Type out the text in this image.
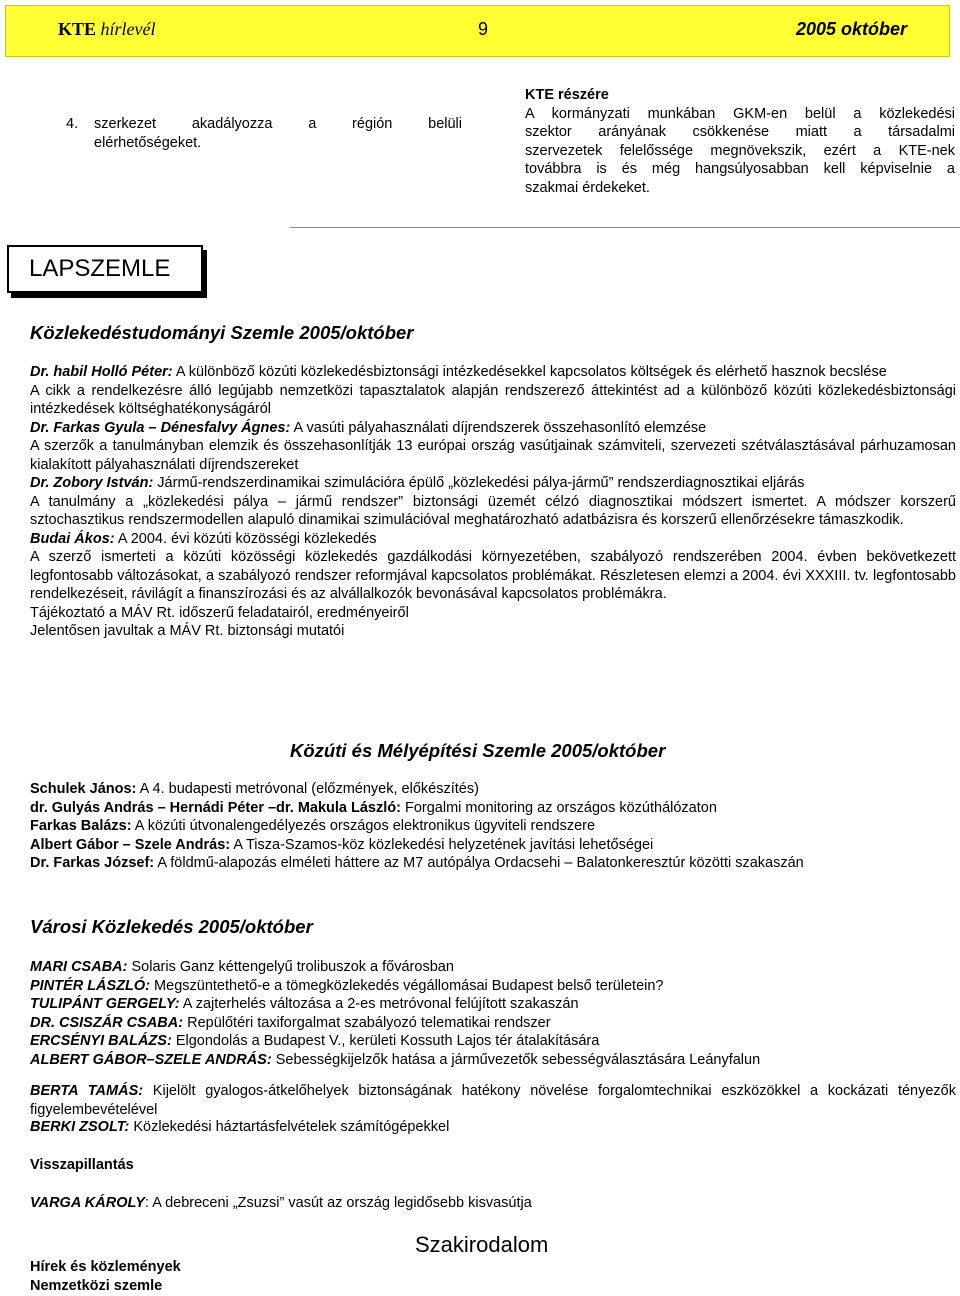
KTE hírlevél	9	2005 október
4.	szerkezet akadályozza a régión belüli
elérhetőségeket.
KTE részére
A kormányzati munkában GKM-en belül a közlekedési
szektor arányának csökkenése miatt a társadalmi
szervezetek felelőssége megnövekszik, ezért a KTE-nek
továbbra is és még hangsúlyosabban kell képviselnie a
szakmai érdekeket.
LAPSZEMLE
Közlekedéstudományi Szemle 2005/október
Dr. habil Holló Péter: A különböző közúti közlekedésbiztonsági intézkedésekkel kapcsolatos költségek és elérhető hasznok becslése
A cikk a rendelkezésre álló legújabb nemzetközi tapasztalatok alapján rendszerező áttekintést ad a különböző közúti közlekedésbiztonsági intézkedések költséghatékonyságáról
Dr. Farkas Gyula – Dénesfalvy Ágnes: A vasúti pályahasználati díjrendszerek összehasonlító elemzése
A szerzők a tanulmányban elemzik és összehasonlítják 13 európai ország vasútjainak számviteli, szervezeti szétválasztásával párhuzamosan kialakított pályahasználati díjrendszereket
Dr. Zobory István: Jármű-rendszerdinamikai szimulációra épülő „közlekedési pálya-jármű” rendszerdiagnosztikai eljárás
A tanulmány a „közlekedési pálya – jármű rendszer” biztonsági üzemét célzó diagnosztikai módszert ismertet. A módszer korszerű sztochasztikus rendszermodellen alapuló dinamikai szimulációval meghatározható adatbázisra és korszerű ellenőrzésekre támaszkodik.
Budai Ákos: A 2004. évi közúti közösségi közlekedés
A szerző ismerteti a közúti közösségi közlekedés gazdálkodási környezetében, szabályozó rendszerében 2004. évben bekövetkezett legfontosabb változásokat, a szabályozó rendszer reformjával kapcsolatos problémákat. Részletesen elemzi a 2004. évi XXXIII. tv. legfontosabb rendelkezéseit, rávilágít a finanszírozási és az alvállalkozók bevonásával kapcsolatos problémákra.
Tájékoztató a MÁV Rt. időszerű feladatairól, eredményeiről
Jelentősen javultak a MÁV Rt. biztonsági mutatói
Közúti és Mélyépítési Szemle 2005/október
Schulek János: A 4. budapesti metróvonal (előzmények, előkészítés)
dr. Gulyás András – Hernádi Péter –dr. Makula László: Forgalmi monitoring az országos közúthálózaton
Farkas Balázs: A közúti útvonalengedélyezés országos elektronikus ügyviteli rendszere
Albert Gábor – Szele András: A Tisza-Szamos-köz közlekedési helyzetének javítási lehetőségei
Dr. Farkas József: A földmű-alapozás elméleti háttere az M7 autópálya Ordacsehi – Balatonkeresztúr közötti szakaszán
Városi Közlekedés 2005/október
MARI CSABA: Solaris Ganz kéttengelyű trolibuszok a fővárosban
PINTÉR LÁSZLÓ: Megszüntethető-e a tömegközlekedés végállomásai Budapest belső területein?
TULIPÁNT GERGELY: A zajterhelés változása a 2-es metróvonal felújított szakaszán
DR. CSISZÁR CSABA: Repülőtéri taxiforgalmat szabályozó telematikai rendszer
ERCSÉNYI BALÁZS: Elgondolás a Budapest V., kerületi Kossuth Lajos tér átalakítására
ALBERT GÁBOR–SZELE ANDRÁS: Sebességkijelzők hatása a járművezetők sebességválasztására Leányfalun
BERTA TAMÁS: Kijelölt gyalogos-átkelőhelyek biztonságának hatékony növelése forgalomtechnikai eszközökkel a kockázati tényezők figyelembevételével
BERKI ZSOLT: Közlekedési háztartásfelvételek számítógépekkel
Visszapillantás
VARGA KÁROLY: A debreceni „Zsuzsi” vasút az ország legidősebb kisvasútja
Hírek és közlemények
Nemzetközi szemle
Szakirodalom
